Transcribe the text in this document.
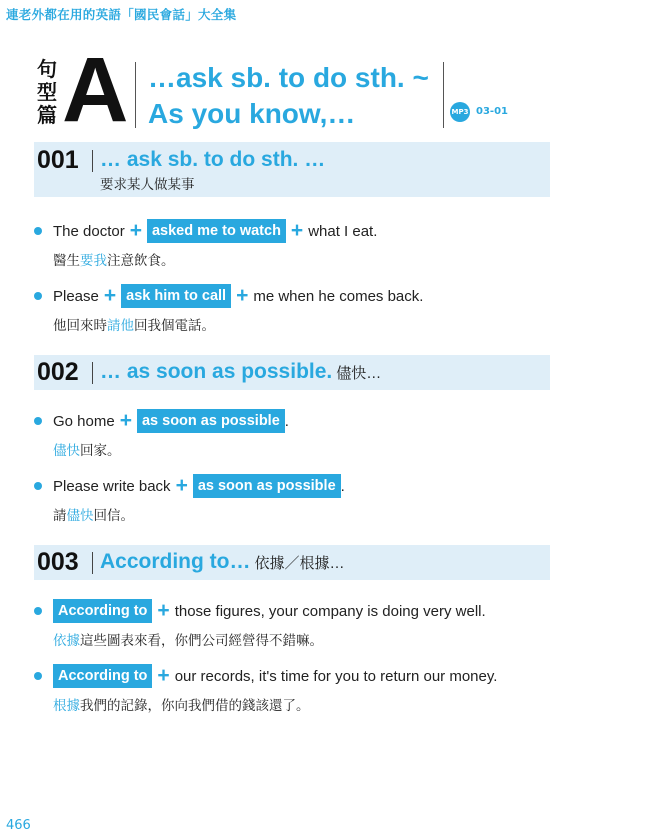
連老外都在用的英語「國民會話」大全集
句
型
篇 A …ask sb. to do sth. ~
As you know,…	MP3 03-01
001 … ask sb. to do sth. …
要求某人做某事
The doctor + asked me to watch + what I eat.
醫生要我注意飲食。
Please + ask him to call + me when he comes back.
他回來時請他回我個電話。
002 … as soon as possible. 儘快…
Go home + as soon as possible .
儘快回家。
Please write back + as soon as possible .
請儘快回信。
003 According to… 依據／根據…
According to + those figures, your company is doing very well.
依據這些圖表來看，你們公司經營得不錯嘛。
According to + our records, it's time for you to return our money.
根據我們的記錄，你向我們借的錢該還了。
466
